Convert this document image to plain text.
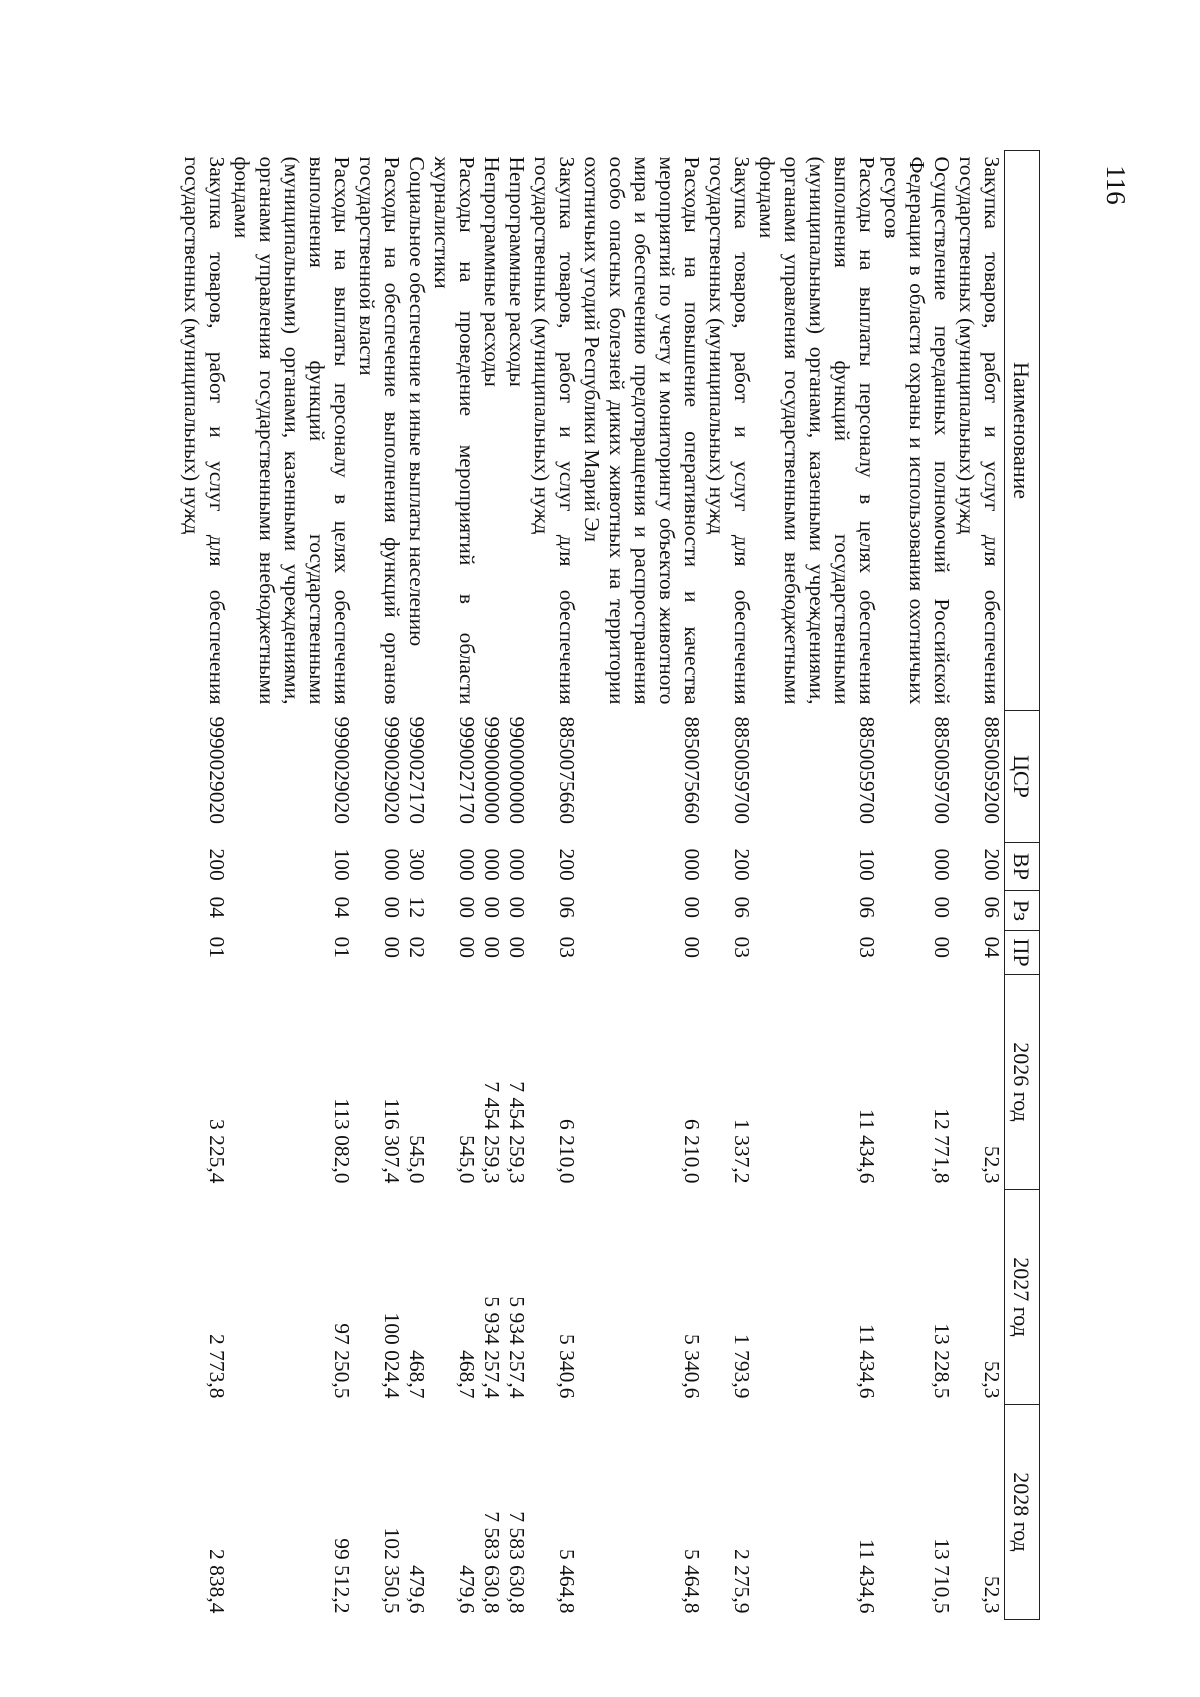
116
Наименование	ЦСР	ВР	Рз	ПР	2026 год	2027 год	2028 год
Закупка товаров, работ и услуг для обеспечения государственных (муниципальных) нужд	8850059200	200	06	04	52,3	52,3	52,3
Осуществление переданных полномочий Российской Федерации в области охраны и использования охотничьих ресурсов	8850059700	000	00	00	12 771,8	13 228,5	13 710,5
Расходы на выплаты персоналу в целях обеспечения выполнения функций государственными (муниципальными) органами, казенными учреждениями, органами управления государственными внебюджетными фондами	8850059700	100	06	03	11 434,6	11 434,6	11 434,6
Закупка товаров, работ и услуг для обеспечения государственных (муниципальных) нужд	8850059700	200	06	03	1 337,2	1 793,9	2 275,9
Расходы на повышение оперативности и качества мероприятий по учету и мониторингу объектов животного мира и обеспечению предотвращения и распространения особо опасных болезней диких животных на территории охотничьих угодий Республики Марий Эл	8850075660	000	00	00	6 210,0	5 340,6	5 464,8
Закупка товаров, работ и услуг для обеспечения государственных (муниципальных) нужд	8850075660	200	06	03	6 210,0	5 340,6	5 464,8
Непрограммные расходы	9900000000	000	00	00	7 454 259,3	5 934 257,4	7 583 630,8
Непрограммные расходы	9990000000	000	00	00	7 454 259,3	5 934 257,4	7 583 630,8
Расходы на проведение мероприятий в области журналистики	9990027170	000	00	00	545,0	468,7	479,6
Социальное обеспечение и иные выплаты населению	9990027170	300	12	02	545,0	468,7	479,6
Расходы на обеспечение выполнения функций органов государственной власти	9990029020	000	00	00	116 307,4	100 024,4	102 350,5
Расходы на выплаты персоналу в целях обеспечения выполнения функций государственными (муниципальными) органами, казенными учреждениями, органами управления государственными внебюджетными фондами	9990029020	100	04	01	113 082,0	97 250,5	99 512,2
Закупка товаров, работ и услуг для обеспечения государственных (муниципальных) нужд	9990029020	200	04	01	3 225,4	2 773,8	2 838,4
